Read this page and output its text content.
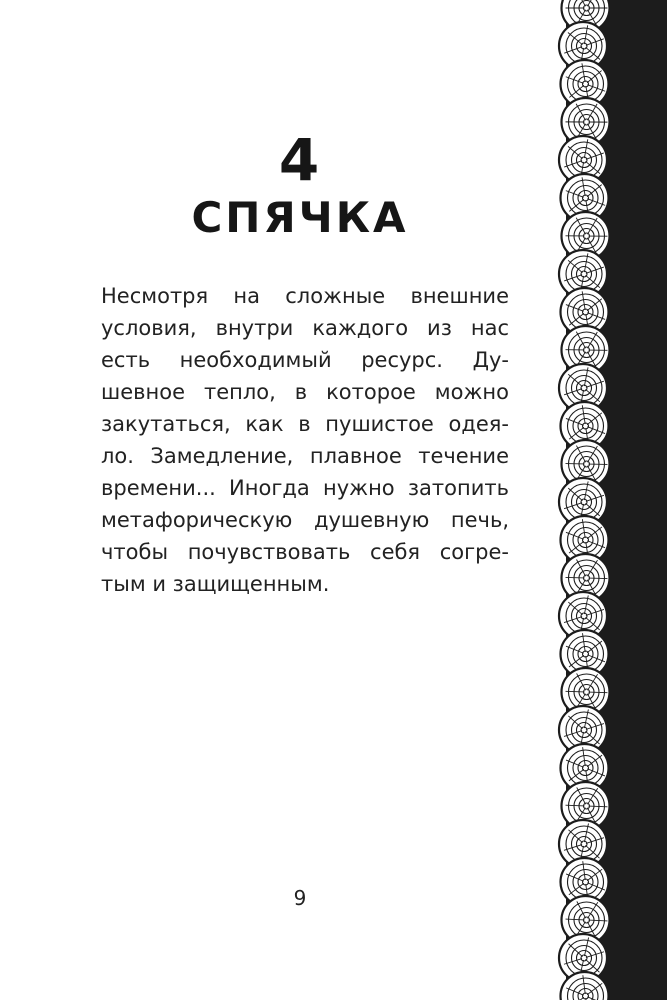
4
СПЯЧКА
Несмотря на сложные внешние
условия, внутри каждого из нас
есть необходимый ресурс. Ду-
шевное тепло, в которое можно
закутаться, как в пушистое одея-
ло. Замедление, плавное течение
времени... Иногда нужно затопить
метафорическую душевную печь,
чтобы почувствовать себя согре-
тым и защищенным.
9
